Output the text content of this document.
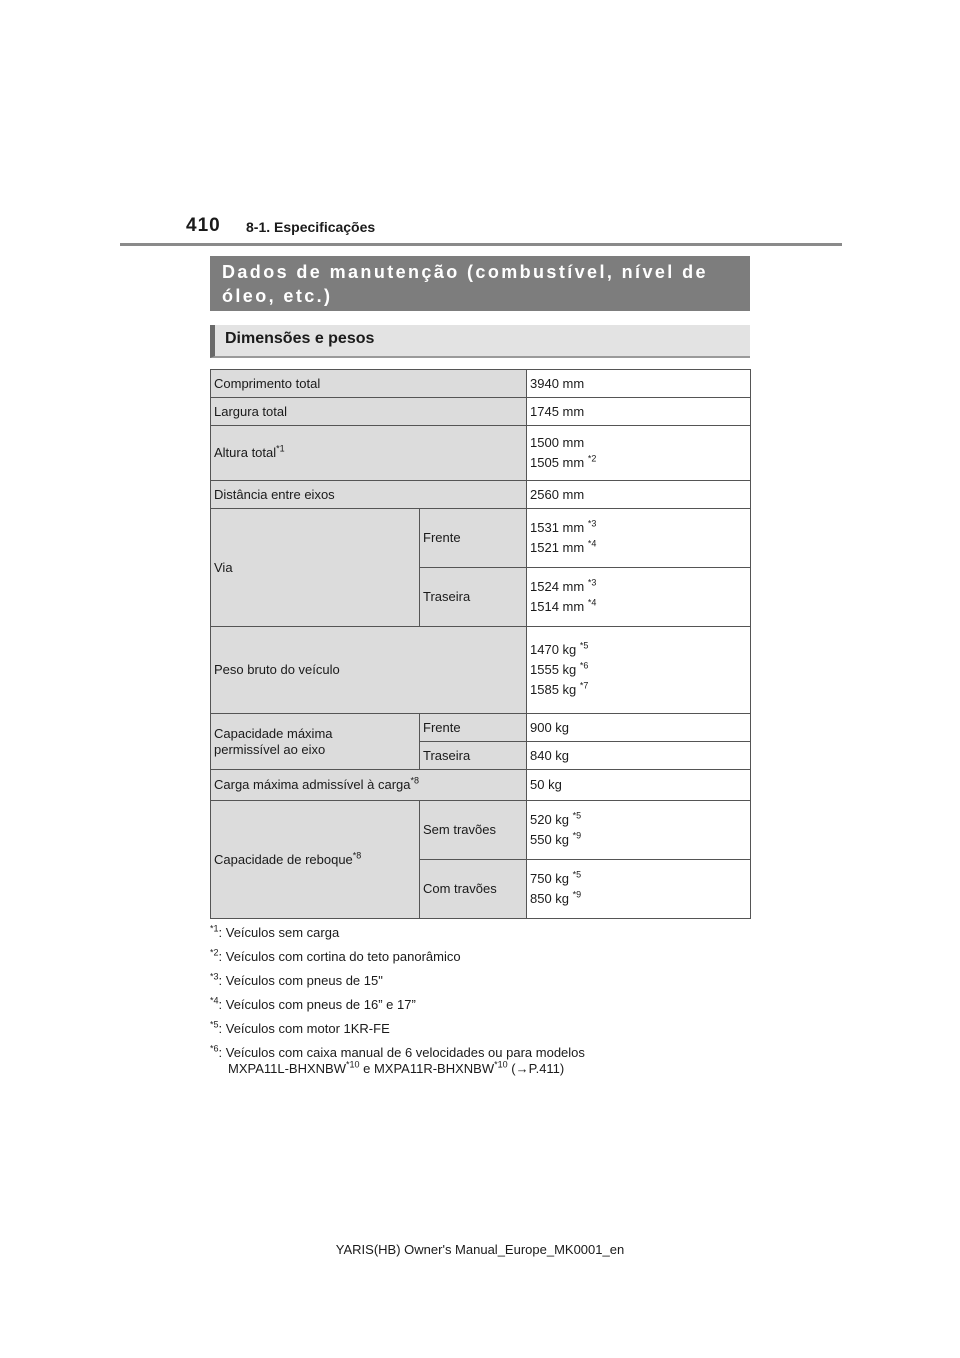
410 8-1. Especificações
Dados de manutenção (combustível, nível de óleo, etc.)
Dimensões e pesos
Comprimento total		3940 mm
Largura total		1745 mm
Altura total$^{*1}$		1500 mm
1505 mm $^{*2}$

Distância entre eixos		2560 mm
Via	Frente	1531 mm $^{*3}$
1521 mm $^{*4}$

	Traseira	1524 mm $^{*3}$
1514 mm $^{*4}$

Peso bruto do veículo		1470 kg $^{*5}$
1555 kg $^{*6}$
1585 kg $^{*7}$

Capacidade máxima
permissível ao eixo	Frente	900 kg
	Traseira	840 kg
Carga máxima admissível à carga$^{*8}$		50 kg
Capacidade de reboque$^{*8}$	Sem travões	520 kg $^{*5}$
550 kg $^{*9}$

	Com travões	750 kg $^{*5}$
850 kg $^{*9}$
$^{*1}$: Veículos sem carga
$^{*2}$: Veículos com cortina do teto panorâmico
$^{*3}$: Veículos com pneus de 15"
$^{*4}$: Veículos com pneus de 16” e 17”
$^{*5}$: Veículos com motor 1KR-FE
$^{*6}$: Veículos com caixa manual de 6 velocidades ou para modelos
MXPA11L-BHXNBW$^{*10}$ e MXPA11R-BHXNBW$^{*10}$ (→P.411)
YARIS(HB) Owner's Manual_Europe_MK0001_en
